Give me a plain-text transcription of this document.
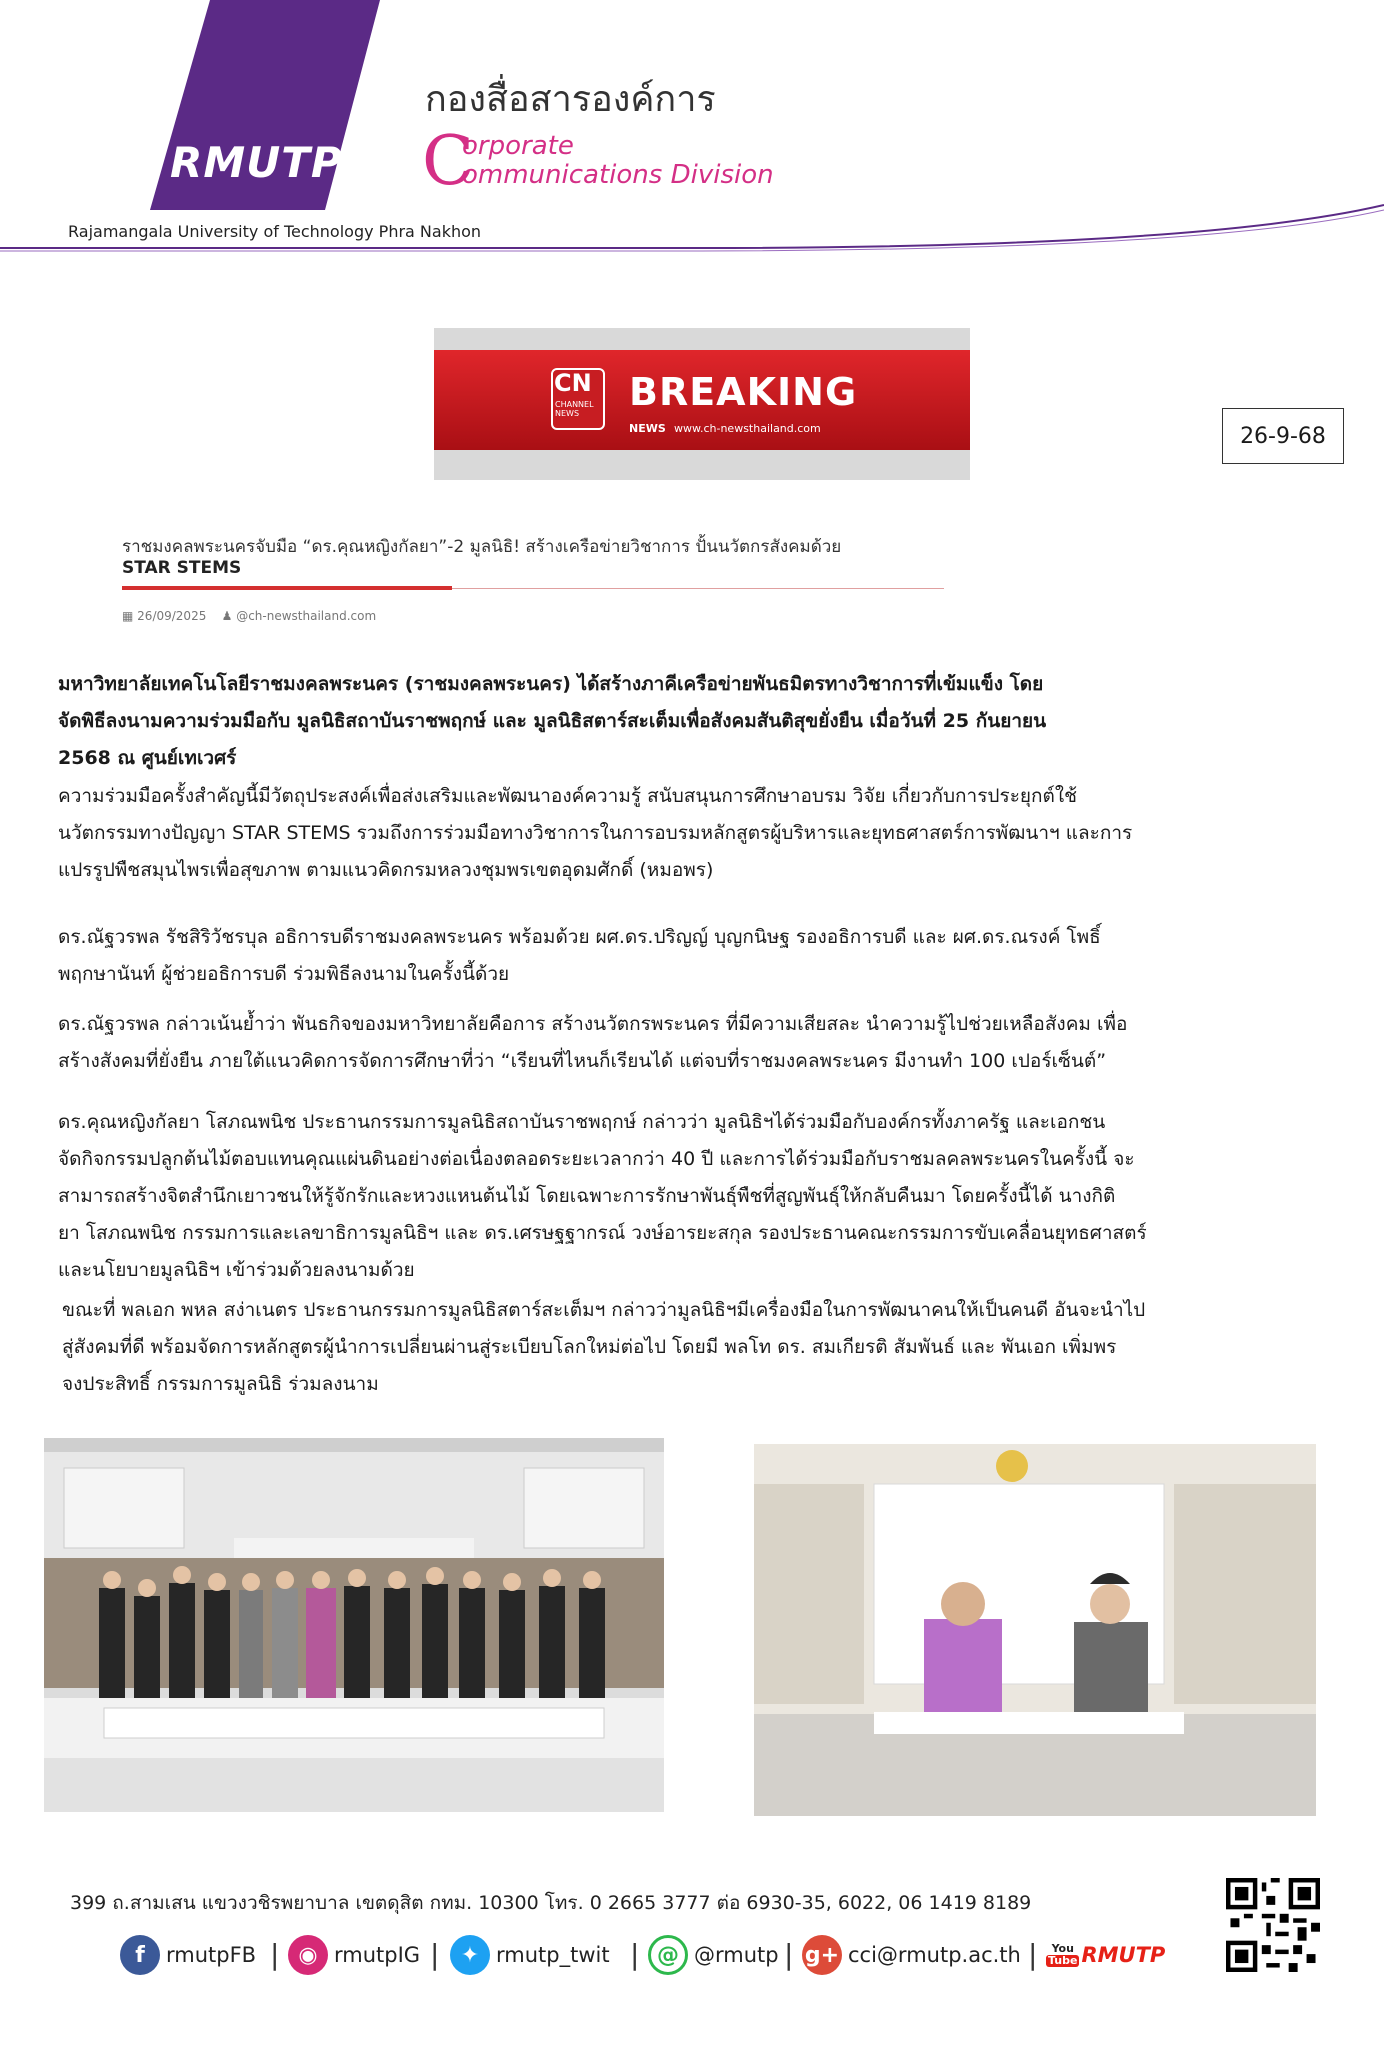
RMUTP
กองสื่อสารองค์การ
C
orporate
ommunications Division
Rajamangala University of Technology Phra Nakhon
CN
CHANNEL
NEWS	BREAKING
NEWS www.ch-newsthailand.com	26-9-68
ราชมงคลพระนครจับมือ “ดร.คุณหญิงกัลยา”-2 มูลนิธิ! สร้างเครือข่ายวิชาการ ปั้นนวัตกรสังคมด้วย
STAR STEMS
▦ 26/09/2025 ♟ @ch-newsthailand.com
มหาวิทยาลัยเทคโนโลยีราชมงคลพระนคร (ราชมงคลพระนคร) ได้สร้างภาคีเครือข่ายพันธมิตรทางวิชาการที่เข้มแข็ง โดย
จัดพิธีลงนามความร่วมมือกับ มูลนิธิสถาบันราชพฤกษ์ และ มูลนิธิสตาร์สะเต็มเพื่อสังคมสันติสุขยั่งยืน เมื่อวันที่ 25 กันยายน
2568 ณ ศูนย์เทเวศร์
ความร่วมมือครั้งสำคัญนี้มีวัตถุประสงค์เพื่อส่งเสริมและพัฒนาองค์ความรู้ สนับสนุนการศึกษาอบรม วิจัย เกี่ยวกับการประยุกต์ใช้
นวัตกรรมทางปัญญา STAR STEMS รวมถึงการร่วมมือทางวิชาการในการอบรมหลักสูตรผู้บริหารและยุทธศาสตร์การพัฒนาฯ และการ
แปรรูปพืชสมุนไพรเพื่อสุขภาพ ตามแนวคิดกรมหลวงชุมพรเขตอุดมศักดิ์ (หมอพร)
ดร.ณัฐวรพล รัชสิริวัชรบุล อธิการบดีราชมงคลพระนคร พร้อมด้วย ผศ.ดร.ปริญญ์ บุญกนิษฐ รองอธิการบดี และ ผศ.ดร.ณรงค์ โพธิ์
พฤกษานันท์ ผู้ช่วยอธิการบดี ร่วมพิธีลงนามในครั้งนี้ด้วย
ดร.ณัฐวรพล กล่าวเน้นย้ำว่า พันธกิจของมหาวิทยาลัยคือการ สร้างนวัตกรพระนคร ที่มีความเสียสละ นำความรู้ไปช่วยเหลือสังคม เพื่อ
สร้างสังคมที่ยั่งยืน ภายใต้แนวคิดการจัดการศึกษาที่ว่า “เรียนที่ไหนก็เรียนได้ แต่จบที่ราชมงคลพระนคร มีงานทำ 100 เปอร์เซ็นต์”
ดร.คุณหญิงกัลยา โสภณพนิช ประธานกรรมการมูลนิธิสถาบันราชพฤกษ์ กล่าวว่า มูลนิธิฯได้ร่วมมือกับองค์กรทั้งภาครัฐ และเอกชน
จัดกิจกรรมปลูกต้นไม้ตอบแทนคุณแผ่นดินอย่างต่อเนื่องตลอดระยะเวลากว่า 40 ปี และการได้ร่วมมือกับราชมลคลพระนครในครั้งนี้ จะ
สามารถสร้างจิตสำนึกเยาวชนให้รู้จักรักและหวงแหนต้นไม้ โดยเฉพาะการรักษาพันธุ์พืชที่สูญพันธุ์ให้กลับคืนมา โดยครั้งนี้ได้ นางกิติ
ยา โสภณพนิช กรรมการและเลขาธิการมูลนิธิฯ และ ดร.เศรษฐฐากรณ์ วงษ์อารยะสกุล รองประธานคณะกรรมการขับเคลื่อนยุทธศาสตร์
และนโยบายมูลนิธิฯ เข้าร่วมด้วยลงนามด้วย
ขณะที่ พลเอก พหล สง่าเนตร ประธานกรรมการมูลนิธิสตาร์สะเต็มฯ กล่าวว่ามูลนิธิฯมีเครื่องมือในการพัฒนาคนให้เป็นคนดี อันจะนำไป
สู่สังคมที่ดี พร้อมจัดการหลักสูตรผู้นำการเปลี่ยนผ่านสู่ระเบียบโลกใหม่ต่อไป โดยมี พลโท ดร. สมเกียรติ สัมพันธ์ และ พันเอก เพิ่มพร
จงประสิทธิ์ กรรมการมูลนิธิ ร่วมลงนาม
399 ถ.สามเสน แขวงวชิรพยาบาล เขตดุสิต กทม. 10300 โทร. 0 2665 3777 ต่อ 6930-35, 6022, 06 1419 8189
f	rmutpFB | ◉ rmutpIG | ✦ rmutp_twit | @ @rmutp | g+ cci@rmutp.ac.th | You
Tube RMUTP
